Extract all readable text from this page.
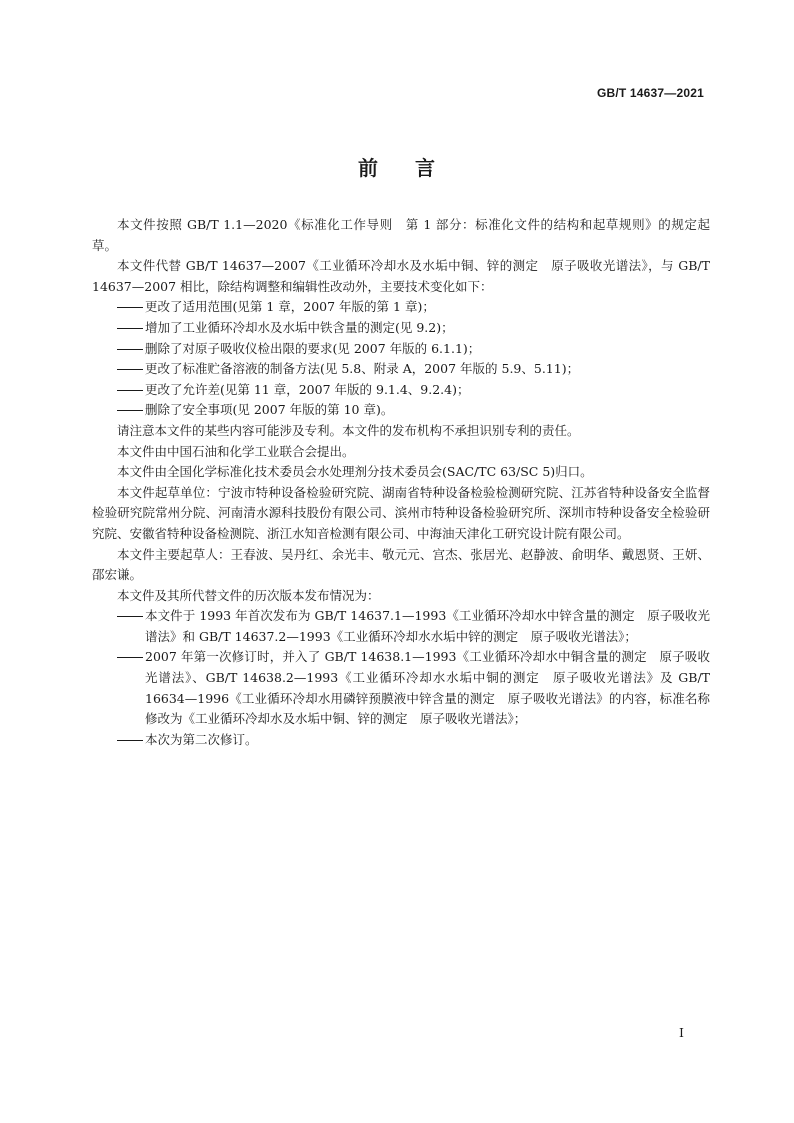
GB/T 14637—2021
前 言

本文件按照 GB/T 1.1—2020《标准化工作导则　第 1 部分：标准化文件的结构和起草规则》的规定起草。

本文件代替 GB/T 14637—2007《工业循环冷却水及水垢中铜、锌的测定　原子吸收光谱法》，与 GB/T 14637—2007 相比，除结构调整和编辑性改动外，主要技术变化如下：

更改了适用范围(见第 1 章，2007 年版的第 1 章)；

增加了工业循环冷却水及水垢中铁含量的测定(见 9.2)；

删除了对原子吸收仪检出限的要求(见 2007 年版的 6.1.1)；

更改了标准贮备溶液的制备方法(见 5.8、附录 A，2007 年版的 5.9、5.11)；

更改了允许差(见第 11 章，2007 年版的 9.1.4、9.2.4)；

删除了安全事项(见 2007 年版的第 10 章)。

请注意本文件的某些内容可能涉及专利。本文件的发布机构不承担识别专利的责任。

本文件由中国石油和化学工业联合会提出。

本文件由全国化学标准化技术委员会水处理剂分技术委员会(SAC/TC 63/SC 5)归口。

本文件起草单位：宁波市特种设备检验研究院、湖南省特种设备检验检测研究院、江苏省特种设备安全监督检验研究院常州分院、河南清水源科技股份有限公司、滨州市特种设备检验研究所、深圳市特种设备安全检验研究院、安徽省特种设备检测院、浙江水知音检测有限公司、中海油天津化工研究设计院有限公司。

本文件主要起草人：王春波、吴丹红、余光丰、敬元元、宫杰、张居光、赵静波、俞明华、戴恩贤、王妍、邵宏谦。

本文件及其所代替文件的历次版本发布情况为：

本文件于 1993 年首次发布为 GB/T 14637.1—1993《工业循环冷却水中锌含量的测定　原子吸收光谱法》和 GB/T 14637.2—1993《工业循环冷却水水垢中锌的测定　原子吸收光谱法》；

2007 年第一次修订时，并入了 GB/T 14638.1—1993《工业循环冷却水中铜含量的测定　原子吸收光谱法》、GB/T 14638.2—1993《工业循环冷却水水垢中铜的测定　原子吸收光谱法》及 GB/T 16634—1996《工业循环冷却水用磷锌预膜液中锌含量的测定　原子吸收光谱法》的内容，标准名称修改为《工业循环冷却水及水垢中铜、锌的测定　原子吸收光谱法》；

本次为第二次修订。

I
